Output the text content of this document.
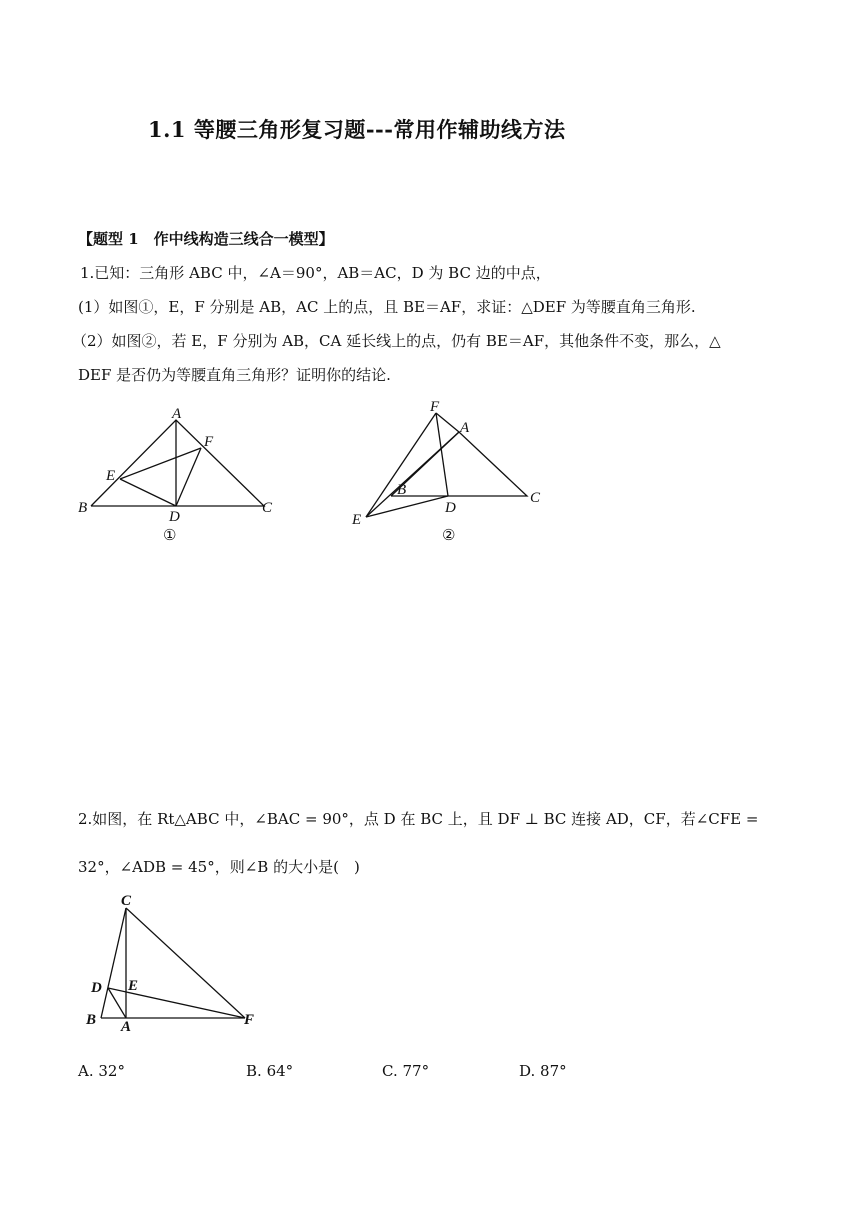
1.1 等腰三角形复习题---常用作辅助线方法
【题型 1　作中线构造三线合一模型】
1.已知：三角形 ABC 中，∠A＝90°，AB＝AC，D 为 BC 边的中点，
(1）如图①，E，F 分别是 AB，AC 上的点，且 BE＝AF，求证：△DEF 为等腰直角三角形.
（2）如图②，若 E，F 分别为 AB，CA 延长线上的点，仍有 BE＝AF，其他条件不变，那么，△
DEF 是否仍为等腰直角三角形？证明你的结论.
A
B	C
D
E
F
①
F
A
B	C
D
E
②
2.如图，在 Rt△ABC 中，∠BAC = 90°，点 D 在 BC 上，且 DF ⊥ BC 连接 AD，CF，若∠CFE =
32°，∠ADB = 45°，则∠B 的大小是(　)
C
D E
B A	F
A. 32°	B. 64°	C. 77°	D. 87°
